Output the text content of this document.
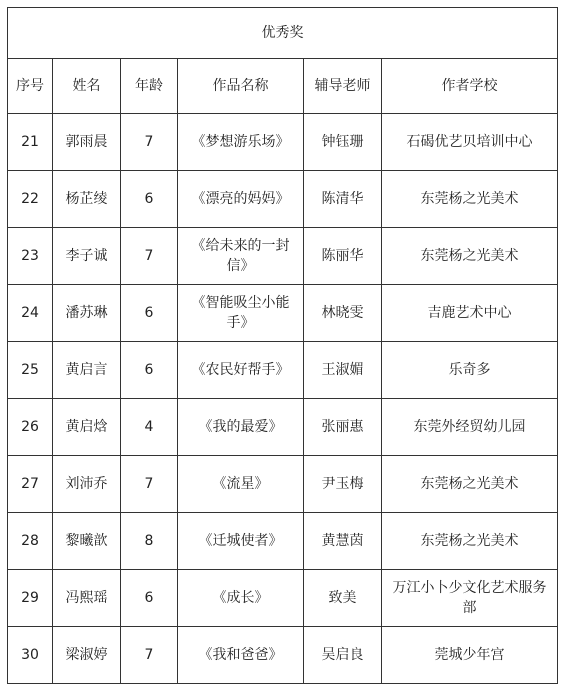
优秀奖					
序号	姓名	年龄	作品名称	辅导老师	作者学校
21	郭雨晨	7	《梦想游乐场》	钟钰珊	石碣优艺贝培训中心
22	杨芷绫	6	《漂亮的妈妈》	陈清华	东莞杨之光美术
23	李子诚	7	《给未来的一封信》	陈丽华	东莞杨之光美术
24	潘苏琳	6	《智能吸尘小能手》	林晓雯	吉鹿艺术中心
25	黄启言	6	《农民好帮手》	王淑媚	乐奇多
26	黄启焓	4	《我的最爱》	张丽惠	东莞外经贸幼儿园
27	刘沛乔	7	《流星》	尹玉梅	东莞杨之光美术
28	黎曦歆	8	《迁城使者》	黄慧茵	东莞杨之光美术
29	冯熙瑶	6	《成长》	致美	万江小卜少文化艺术服务部
30	梁淑婷	7	《我和爸爸》	吴启良	莞城少年宫
